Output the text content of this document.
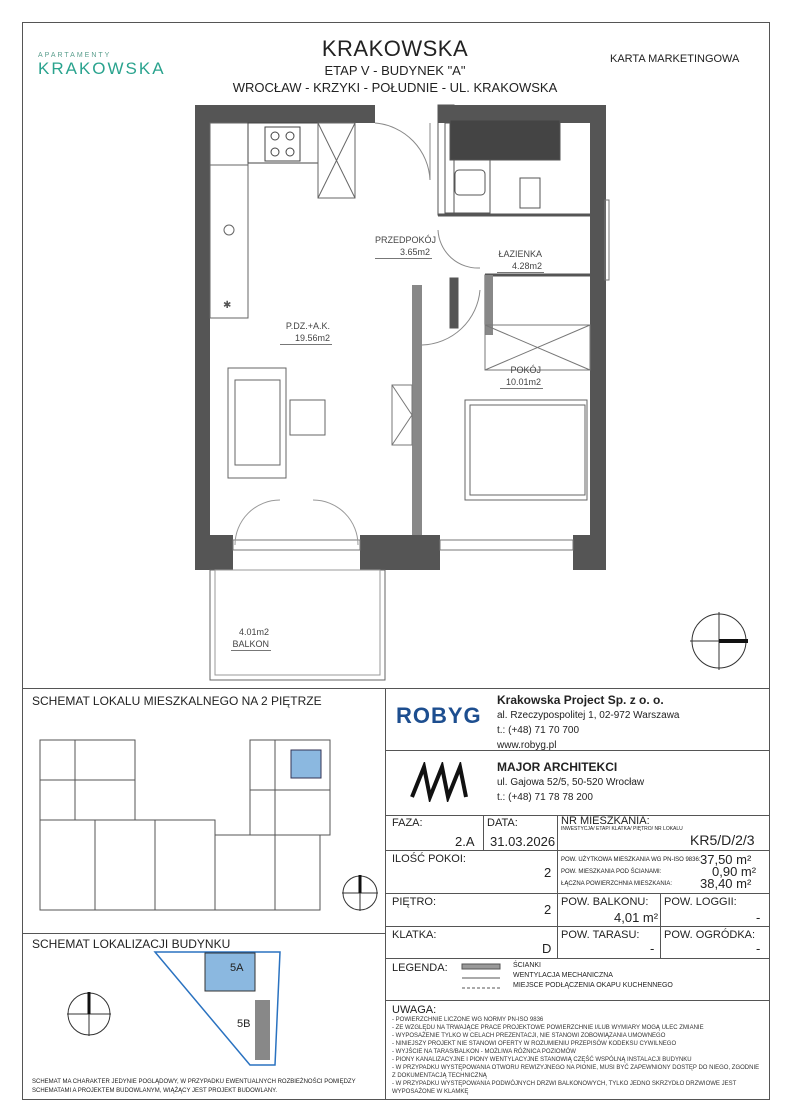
APARTAMENTY
KRAKOWSKA
KRAKOWSKA
ETAP V - BUDYNEK "A"
WROCŁAW - KRZYKI - POŁUDNIE - UL. KRAKOWSKA
KARTA MARKETINGOWA
✱
PRZEDPOKÓJ
3.65m2	ŁAZIENKA
4.28m2
P.DZ.+A.K.
19.56m2
POKÓJ
10.01m2
4.01m2
BALKON
SCHEMAT LOKALU MIESZKALNEGO NA 2 PIĘTRZE
SCHEMAT LOKALIZACJI BUDYNKU
5A
5B
SCHEMAT MA CHARAKTER JEDYNIE POGLĄDOWY, W PRZYPADKU EWENTUALNYCH ROZBIEŻNOŚCI POMIĘDZY SCHEMATAMI A PROJEKTEM BUDOWLANYM, WIĄŻĄCY JEST PROJEKT BUDOWLANY.
ROBYG
Krakowska Project Sp. z o. o.
al. Rzeczypospolitej 1, 02-972 Warszawa
t.: (+48) 71 70 700
www.robyg.pl
MAJOR ARCHITEKCI
ul. Gajowa 52/5, 50-520 Wrocław
t.: (+48) 71 78 78 200
FAZA:
2.A
DATA:
31.03.2026
NR MIESZKANIA:
INWESTYCJA/ ETAP/ KLATKA/ PIĘTRO/ NR LOKALU
KR5/D/2/3
ILOŚĆ POKOI:
2
POW. UŻYTKOWA MIESZKANIA WG PN-ISO 9836: 37,50 m²
POW. MIESZKANIA POD ŚCIANAMI:	0,90 m²
ŁĄCZNA POWIERZCHNIA MIESZKANIA: 38,40 m²
PIĘTRO:	2 POW. BALKONU:
4,01 m²
POW. LOGGII:
-
KLATKA:
D
POW. TARASU:
-
POW. OGRÓDKA:
-
LEGENDA:	ŚCIANKI
WENTYLACJA MECHANICZNA
MIEJSCE PODŁĄCZENIA OKAPU KUCHENNEGO
UWAGA:
- POWIERZCHNIE LICZONE WG NORMY PN-ISO 9836
- ZE WZGLĘDU NA TRWAJĄCE PRACE PROJEKTOWE POWIERZCHNIE I/LUB WYMIARY MOGĄ ULEC ZMIANIE
- WYPOSAŻENIE TYLKO W CELACH PREZENTACJI, NIE STANOWI ZOBOWIĄZANIA UMOWNEGO
- NINIEJSZY PROJEKT NIE STANOWI OFERTY W ROZUMIENIU PRZEPISÓW KODEKSU CYWILNEGO
- WYJŚCIE NA TARAS/BALKON - MOŻLIWA RÓŻNICA POZIOMÓW
- PIONY KANALIZACYJNE I PIONY WENTYLACYJNE STANOWIĄ CZĘŚĆ WSPÓLNĄ INSTALACJI BUDYNKU
- W PRZYPADKU WYSTĘPOWANIA OTWORU REWIZYJNEGO NA PIONIE, MUSI BYĆ ZAPEWNIONY DOSTĘP DO NIEGO, ZGODNIE Z DOKUMENTACJĄ TECHNICZNĄ
- W PRZYPADKU WYSTĘPOWANIA PODWÓJNYCH DRZWI BALKONOWYCH, TYLKO JEDNO SKRZYDŁO DRZWIOWE JEST WYPOSAŻONE W KLAMKĘ
